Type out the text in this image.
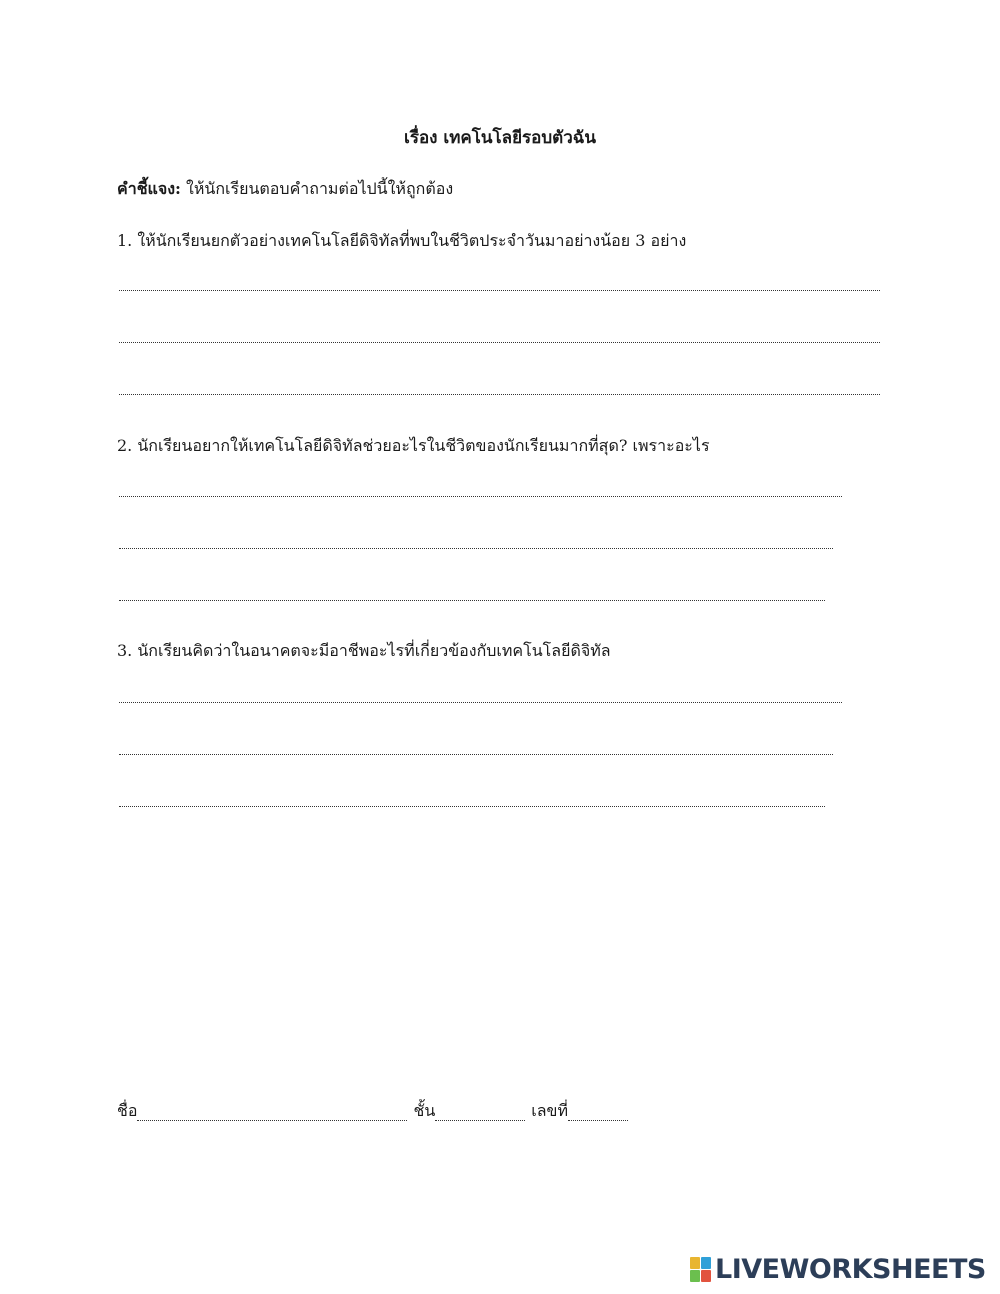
เรื่อง เทคโนโลยีรอบตัวฉัน
คำชี้แจง: ให้นักเรียนตอบคำถามต่อไปนี้ให้ถูกต้อง
1. ให้นักเรียนยกตัวอย่างเทคโนโลยีดิจิทัลที่พบในชีวิตประจำวันมาอย่างน้อย 3 อย่าง
2. นักเรียนอยากให้เทคโนโลยีดิจิทัลช่วยอะไรในชีวิตของนักเรียนมากที่สุด? เพราะอะไร
3. นักเรียนคิดว่าในอนาคตจะมีอาชีพอะไรที่เกี่ยวข้องกับเทคโนโลยีดิจิทัล
ชื่อ	ชั้น	เลขที่
LIVEWORKSHEETS
